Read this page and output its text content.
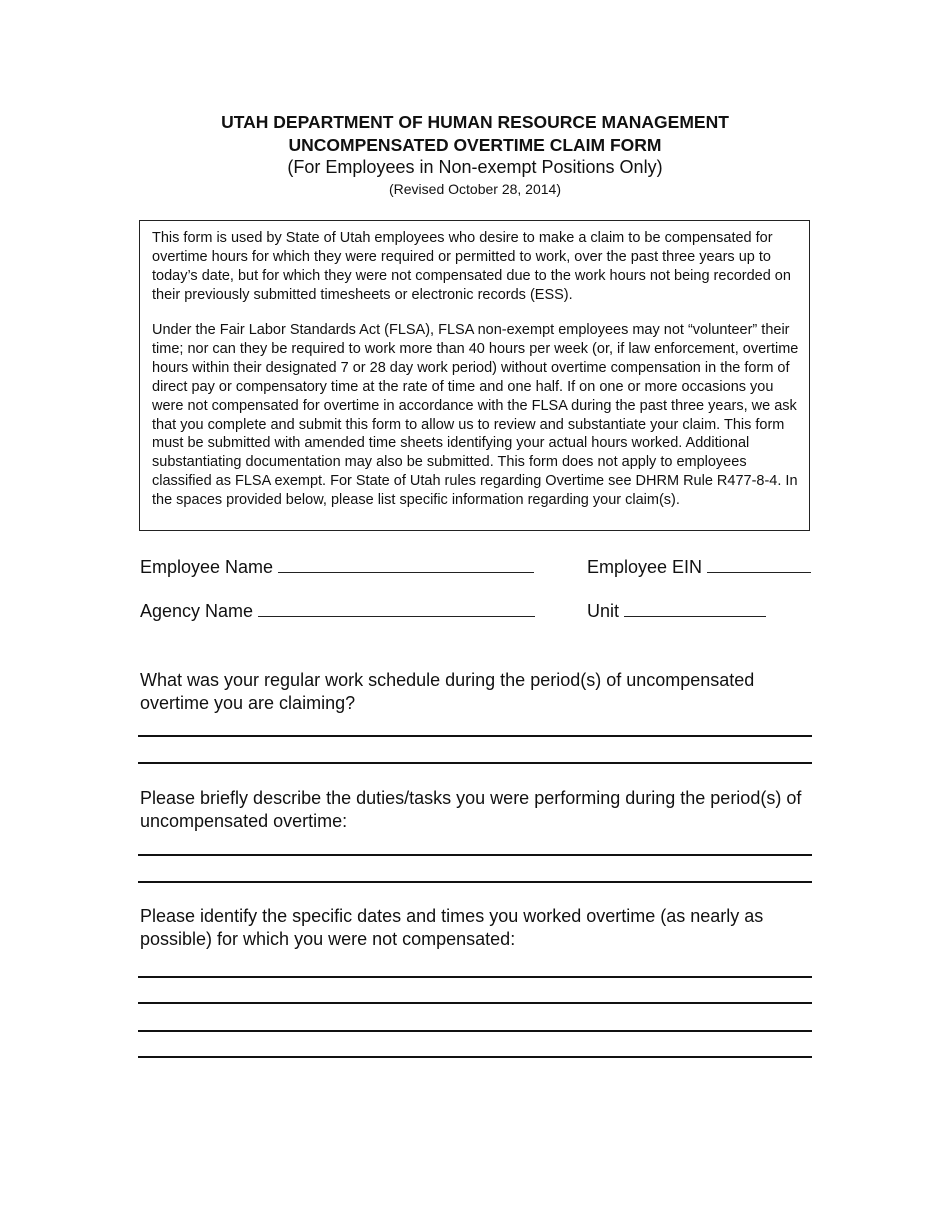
UTAH DEPARTMENT OF HUMAN RESOURCE MANAGEMENT
UNCOMPENSATED OVERTIME CLAIM FORM
(For Employees in Non-exempt Positions Only)
(Revised October 28, 2014)

This form is used by State of Utah employees who desire to make a claim to be compensated for overtime hours for which they were required or permitted to work, over the past three years up to today’s date, but for which they were not compensated due to the work hours not being recorded on their previously submitted timesheets or electronic records (ESS).

Under the Fair Labor Standards Act (FLSA), FLSA non-exempt employees may not “volunteer” their time; nor can they be required to work more than 40 hours per week (or, if law enforcement, overtime hours within their designated 7 or 28 day work period) without overtime compensation in the form of direct pay or compensatory time at the rate of time and one half. If on one or more occasions you were not compensated for overtime in accordance with the FLSA during the past three years, we ask that you complete and submit this form to allow us to review and substantiate your claim. This form must be submitted with amended time sheets identifying your actual hours worked. Additional substantiating documentation may also be submitted. This form does not apply to employees classified as FLSA exempt. For State of Utah rules regarding Overtime see DHRM Rule R477-8-4. In the spaces provided below, please list specific information regarding your claim(s).

Employee Name	Employee EIN
Agency Name	Unit

What was your regular work schedule during the period(s) of uncompensated overtime you are claiming?

Please briefly describe the duties/tasks you were performing during the period(s) of uncompensated overtime:

Please identify the specific dates and times you worked overtime (as nearly as possible) for which you were not compensated:
